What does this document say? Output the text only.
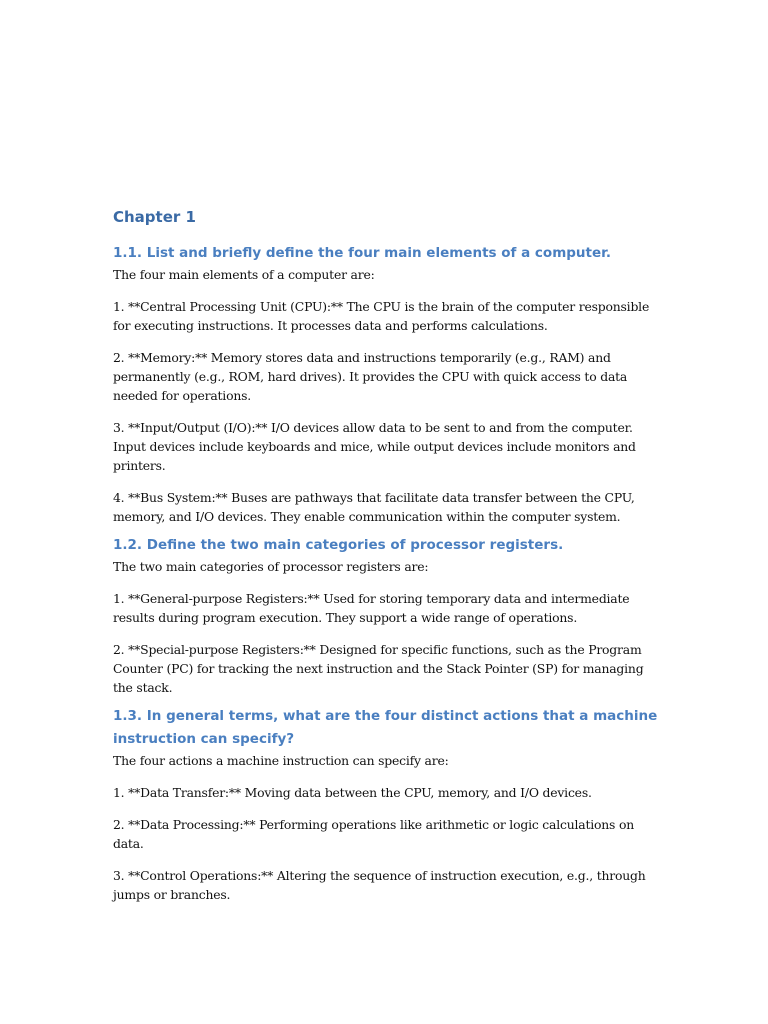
Chapter 1
1.1. List and briefly define the four main elements of a computer.

The four main elements of a computer are:

1. **Central Processing Unit (CPU):** The CPU is the brain of the computer responsible for executing instructions. It processes data and performs calculations.

2. **Memory:** Memory stores data and instructions temporarily (e.g., RAM) and permanently (e.g., ROM, hard drives). It provides the CPU with quick access to data needed for operations.

3. **Input/Output (I/O):** I/O devices allow data to be sent to and from the computer. Input devices include keyboards and mice, while output devices include monitors and printers.

4. **Bus System:** Buses are pathways that facilitate data transfer between the CPU, memory, and I/O devices. They enable communication within the computer system.

1.2. Define the two main categories of processor registers.

The two main categories of processor registers are:

1. **General-purpose Registers:** Used for storing temporary data and intermediate results during program execution. They support a wide range of operations.

2. **Special-purpose Registers:** Designed for specific functions, such as the Program Counter (PC) for tracking the next instruction and the Stack Pointer (SP) for managing the stack.

1.3. In general terms, what are the four distinct actions that a machine instruction can specify?

The four actions a machine instruction can specify are:

1. **Data Transfer:** Moving data between the CPU, memory, and I/O devices.

2. **Data Processing:** Performing operations like arithmetic or logic calculations on data.

3. **Control Operations:** Altering the sequence of instruction execution, e.g., through jumps or branches.
